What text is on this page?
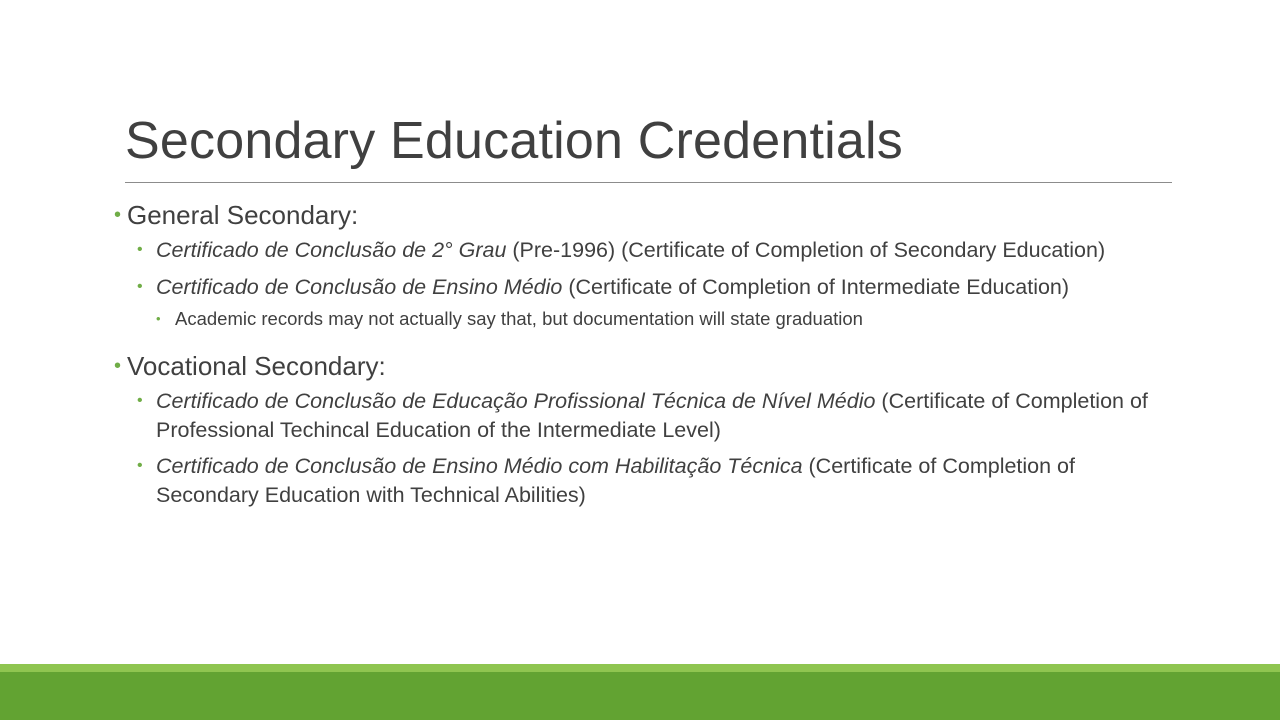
Secondary Education Credentials
• General Secondary:
• Certificado de Conclusão de 2° Grau (Pre-1996) (Certificate of Completion of Secondary Education)
• Certificado de Conclusão de Ensino Médio (Certificate of Completion of Intermediate Education)
• Academic records may not actually say that, but documentation will state graduation
• Vocational Secondary:
• Certificado de Conclusão de Educação Profissional Técnica de Nível Médio (Certificate of Completion of Professional Techincal Education of the Intermediate Level)
• Certificado de Conclusão de Ensino Médio com Habilitação Técnica (Certificate of Completion of Secondary Education with Technical Abilities)
